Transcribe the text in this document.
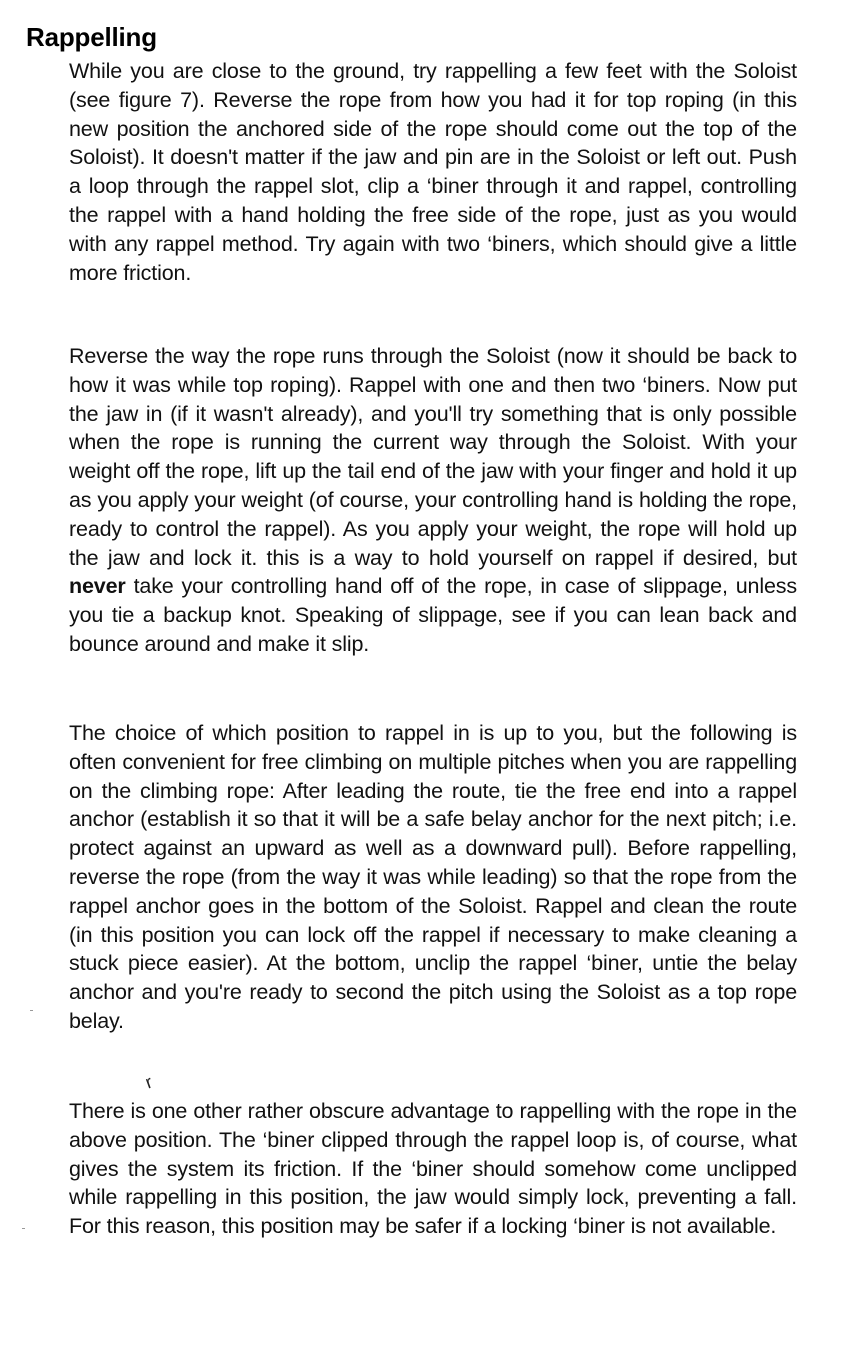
Rappelling

While you are close to the ground, try rappelling a few feet with the Soloist (see figure 7). Reverse the rope from how you had it for top roping (in this new position the anchored side of the rope should come out the top of the Soloist). It doesn't matter if the jaw and pin are in the Soloist or left out. Push a loop through the rappel slot, clip a ‘biner through it and rappel, controlling the rappel with a hand holding the free side of the rope, just as you would with any rappel method. Try again with two ‘biners, which should give a little more friction.

Reverse the way the rope runs through the Soloist (now it should be back to how it was while top roping). Rappel with one and then two ‘biners. Now put the jaw in (if it wasn't already), and you'll try something that is only possible when the rope is running the current way through the Soloist. With your weight off the rope, lift up the tail end of the jaw with your finger and hold it up as you apply your weight (of course, your controlling hand is holding the rope, ready to control the rappel). As you apply your weight, the rope will hold up the jaw and lock it. this is a way to hold yourself on rappel if desired, but never take your controlling hand off of the rope, in case of slippage, unless you tie a backup knot. Speaking of slippage, see if you can lean back and bounce around and make it slip.

The choice of which position to rappel in is up to you, but the following is often convenient for free climbing on multiple pitches when you are rappelling on the climbing rope: After leading the route, tie the free end into a rappel anchor (establish it so that it will be a safe belay anchor for the next pitch; i.e. protect against an upward as well as a downward pull). Before rappelling, reverse the rope (from the way it was while leading) so that the rope from the rappel anchor goes in the bottom of the Soloist. Rappel and clean the route (in this position you can lock off the rappel if necessary to make cleaning a stuck piece easier). At the bottom, unclip the rappel ‘biner, untie the belay anchor and you're ready to second the pitch using the Soloist as a top rope belay.

r

There is one other rather obscure advantage to rappelling with the rope in the above position. The ‘biner clipped through the rappel loop is, of course, what gives the system its friction. If the ‘biner should somehow come unclipped while rappelling in this position, the jaw would simply lock, preventing a fall. For this reason, this position may be safer if a locking ‘biner is not available.
